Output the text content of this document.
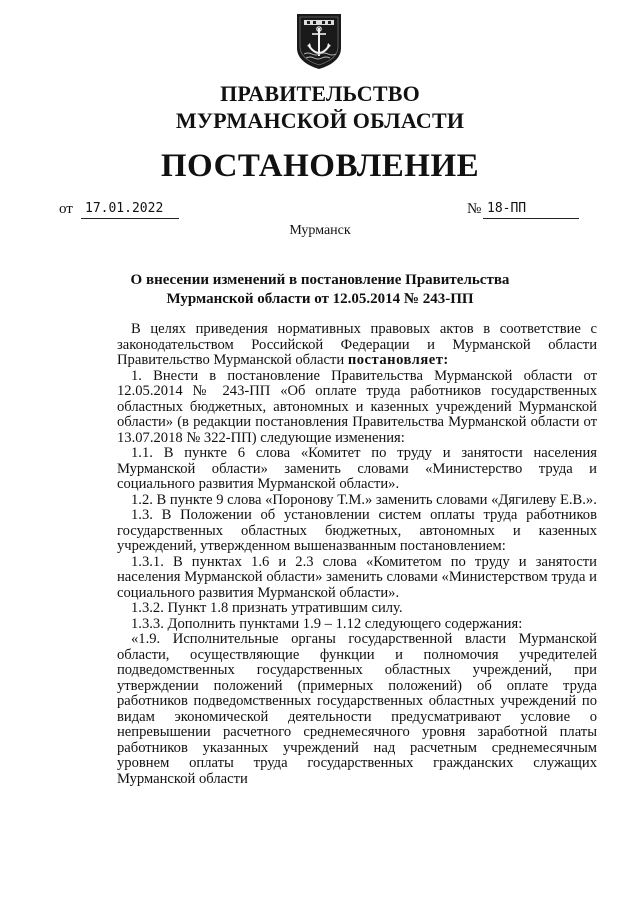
ПРАВИТЕЛЬСТВО
МУРМАНСКОЙ ОБЛАСТИ
ПОСТАНОВЛЕНИЕ
от 17.01.2022	№ 18-ПП
Мурманск
О внесении изменений в постановление Правительства
Мурманской области от 12.05.2014 № 243-ПП

В целях приведения нормативных правовых актов в соответствие с законодательством Российской Федерации и Мурманской области Правительство Мурманской области постановляет:

1. Внести в постановление Правительства Мурманской области от 12.05.2014 № 243-ПП «Об оплате труда работников государственных областных бюджетных, автономных и казенных учреждений Мурманской области» (в редакции постановления Правительства Мурманской области от 13.07.2018 № 322-ПП) следующие изменения:

1.1. В пункте 6 слова «Комитет по труду и занятости населения Мурманской области» заменить словами «Министерство труда и социального развития Мурманской области».

1.2. В пункте 9 слова «Поронову Т.М.» заменить словами «Дягилеву Е.В.».

1.3. В Положении об установлении систем оплаты труда работников государственных областных бюджетных, автономных и казенных учреждений, утвержденном вышеназванным постановлением:

1.3.1. В пунктах 1.6 и 2.3 слова «Комитетом по труду и занятости населения Мурманской области» заменить словами «Министерством труда и социального развития Мурманской области».

1.3.2. Пункт 1.8 признать утратившим силу.

1.3.3. Дополнить пунктами 1.9 – 1.12 следующего содержания:

«1.9. Исполнительные органы государственной власти Мурманской области, осуществляющие функции и полномочия учредителей подведомственных государственных областных учреждений, при утверждении положений (примерных положений) об оплате труда работников подведомственных государственных областных учреждений по видам экономической деятельности предусматривают условие о непревышении расчетного среднемесячного уровня заработной платы работников указанных учреждений над расчетным среднемесячным уровнем оплаты труда государственных гражданских служащих Мурманской области
